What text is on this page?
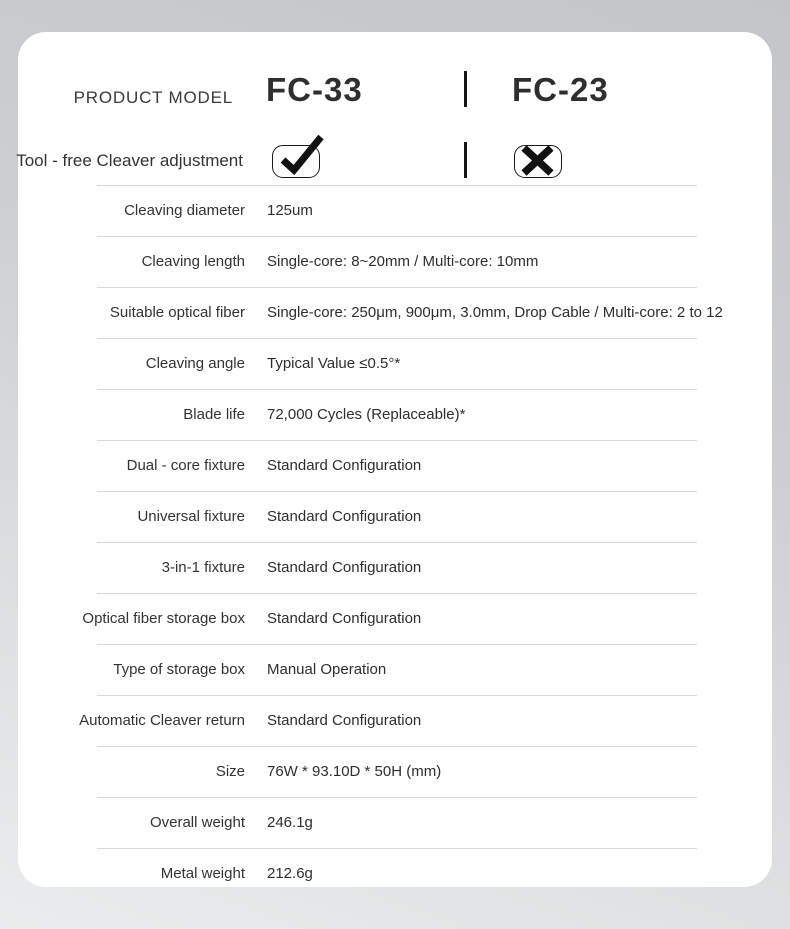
PRODUCT MODEL FC-33	FC-23
Tool - free Cleaver adjustment
Cleaving diameter 125um
Cleaving length Single-core: 8~20mm / Multi-core: 10mm
Suitable optical fiber Single-core: 250μm, 900μm, 3.0mm, Drop Cable / Multi-core: 2 to 12
Cleaving angle Typical Value ≤0.5°*
Blade life 72,000 Cycles (Replaceable)*
Dual - core fixture Standard Configuration
Universal fixture Standard Configuration
3-in-1 fixture Standard Configuration
Optical fiber storage box Standard Configuration
Type of storage box Manual Operation
Automatic Cleaver return Standard Configuration
Size 76W * 93.10D * 50H (mm)
Overall weight 246.1g
Metal weight 212.6g
